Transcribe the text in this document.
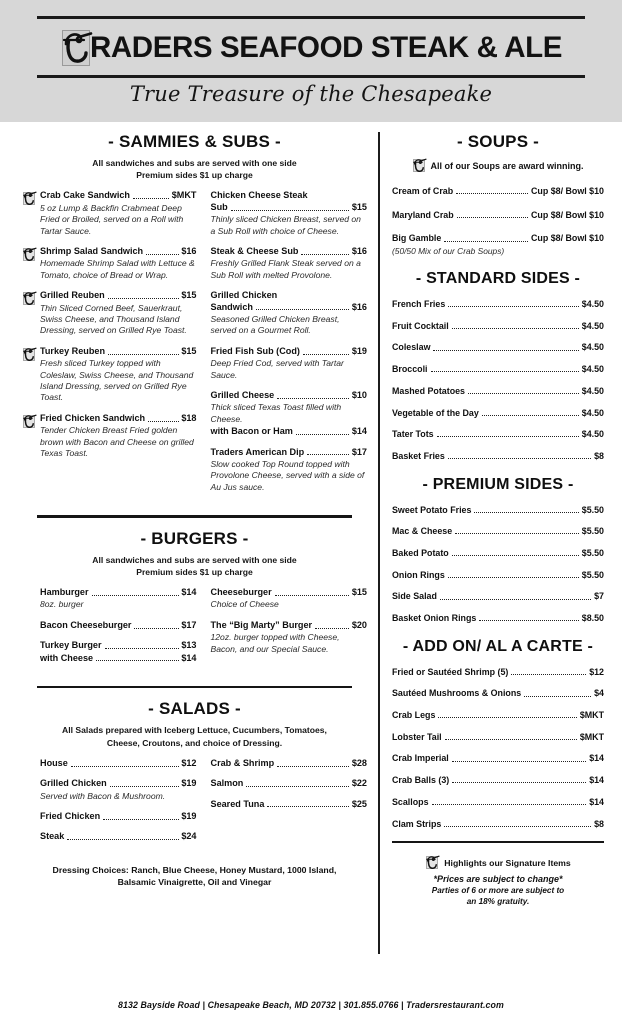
RADERS SEAFOOD STEAK & ALE
True Treasure of the Chesapeake
- SAMMIES & SUBS -
All sandwiches and subs are served with one side
Premium sides $1 up charge
Crab Cake Sandwich	$MKT
5 oz Lump & Backfin Crabmeat Deep Fried or Broiled, served on a Roll with Tartar Sauce.
Shrimp Salad Sandwich	$16
Homemade Shrimp Salad with Lettuce & Tomato, choice of Bread or Wrap.
Grilled Reuben	$15
Thin Sliced Corned Beef, Sauerkraut, Swiss Cheese, and Thousand Island Dressing, served on Grilled Rye Toast.
Turkey Reuben	$15
Fresh sliced Turkey topped with Coleslaw, Swiss Cheese, and Thousand Island Dressing, served on Grilled Rye Toast.
Fried Chicken Sandwich	$18
Tender Chicken Breast Fried golden brown with Bacon and Cheese on grilled Texas Toast.
Chicken Cheese Steak
Sub	$15
Thinly sliced Chicken Breast, served on a Sub Roll with choice of Cheese.
Steak & Cheese Sub	$16
Freshly Grilled Flank Steak served on a Sub Roll with melted Provolone.
Grilled Chicken
Sandwich	$16
Seasoned Grilled Chicken Breast, served on a Gourmet Roll.
Fried Fish Sub (Cod)	$19
Deep Fried Cod, served with Tartar Sauce.
Grilled Cheese	$10
Thick sliced Texas Toast filled with Cheese.
with Bacon or Ham	$14
Traders American Dip	$17
Slow cooked Top Round topped with Provolone Cheese, served with a side of Au Jus sauce.
- BURGERS -
All sandwiches and subs are served with one side
Premium sides $1 up charge
Hamburger	$14
8oz. burger
Bacon Cheeseburger	$17
Turkey Burger	$13
with Cheese	$14
Cheeseburger	$15
Choice of Cheese
The “Big Marty” Burger	$20
12oz. burger topped with Cheese, Bacon, and our Special Sauce.
- SALADS -
All Salads prepared with Iceberg Lettuce, Cucumbers, Tomatoes,
Cheese, Croutons, and choice of Dressing.
House	$12
Grilled Chicken	$19
Served with Bacon & Mushroom.
Fried Chicken	$19
Steak	$24
Crab & Shrimp	$28
Salmon	$22
Seared Tuna	$25
Dressing Choices: Ranch, Blue Cheese, Honey Mustard, 1000 Island,
Balsamic Vinaigrette, Oil and Vinegar
- SOUPS -
All of our Soups are award winning.
Cream of Crab	Cup $8/ Bowl $10
Maryland Crab	Cup $8/ Bowl $10
Big Gamble	Cup $8/ Bowl $10
(50/50 Mix of our Crab Soups)
- STANDARD SIDES -
French Fries	$4.50
Fruit Cocktail	$4.50
Coleslaw	$4.50
Broccoli	$4.50
Mashed Potatoes	$4.50
Vegetable of the Day	$4.50
Tater Tots	$4.50
Basket Fries	$8
- PREMIUM SIDES -
Sweet Potato Fries	$5.50
Mac & Cheese	$5.50
Baked Potato	$5.50
Onion Rings	$5.50
Side Salad	$7
Basket Onion Rings	$8.50
- ADD ON/ AL A CARTE -
Fried or Sautéed Shrimp (5)	$12
Sautéed Mushrooms & Onions	$4
Crab Legs	$MKT
Lobster Tail	$MKT
Crab Imperial	$14
Crab Balls (3)	$14
Scallops	$14
Clam Strips	$8
Highlights our Signature Items
*Prices are subject to change*
Parties of 6 or more are subject to
an 18% gratuity.
8132 Bayside Road | Chesapeake Beach, MD 20732 | 301.855.0766 | Tradersrestaurant.com
